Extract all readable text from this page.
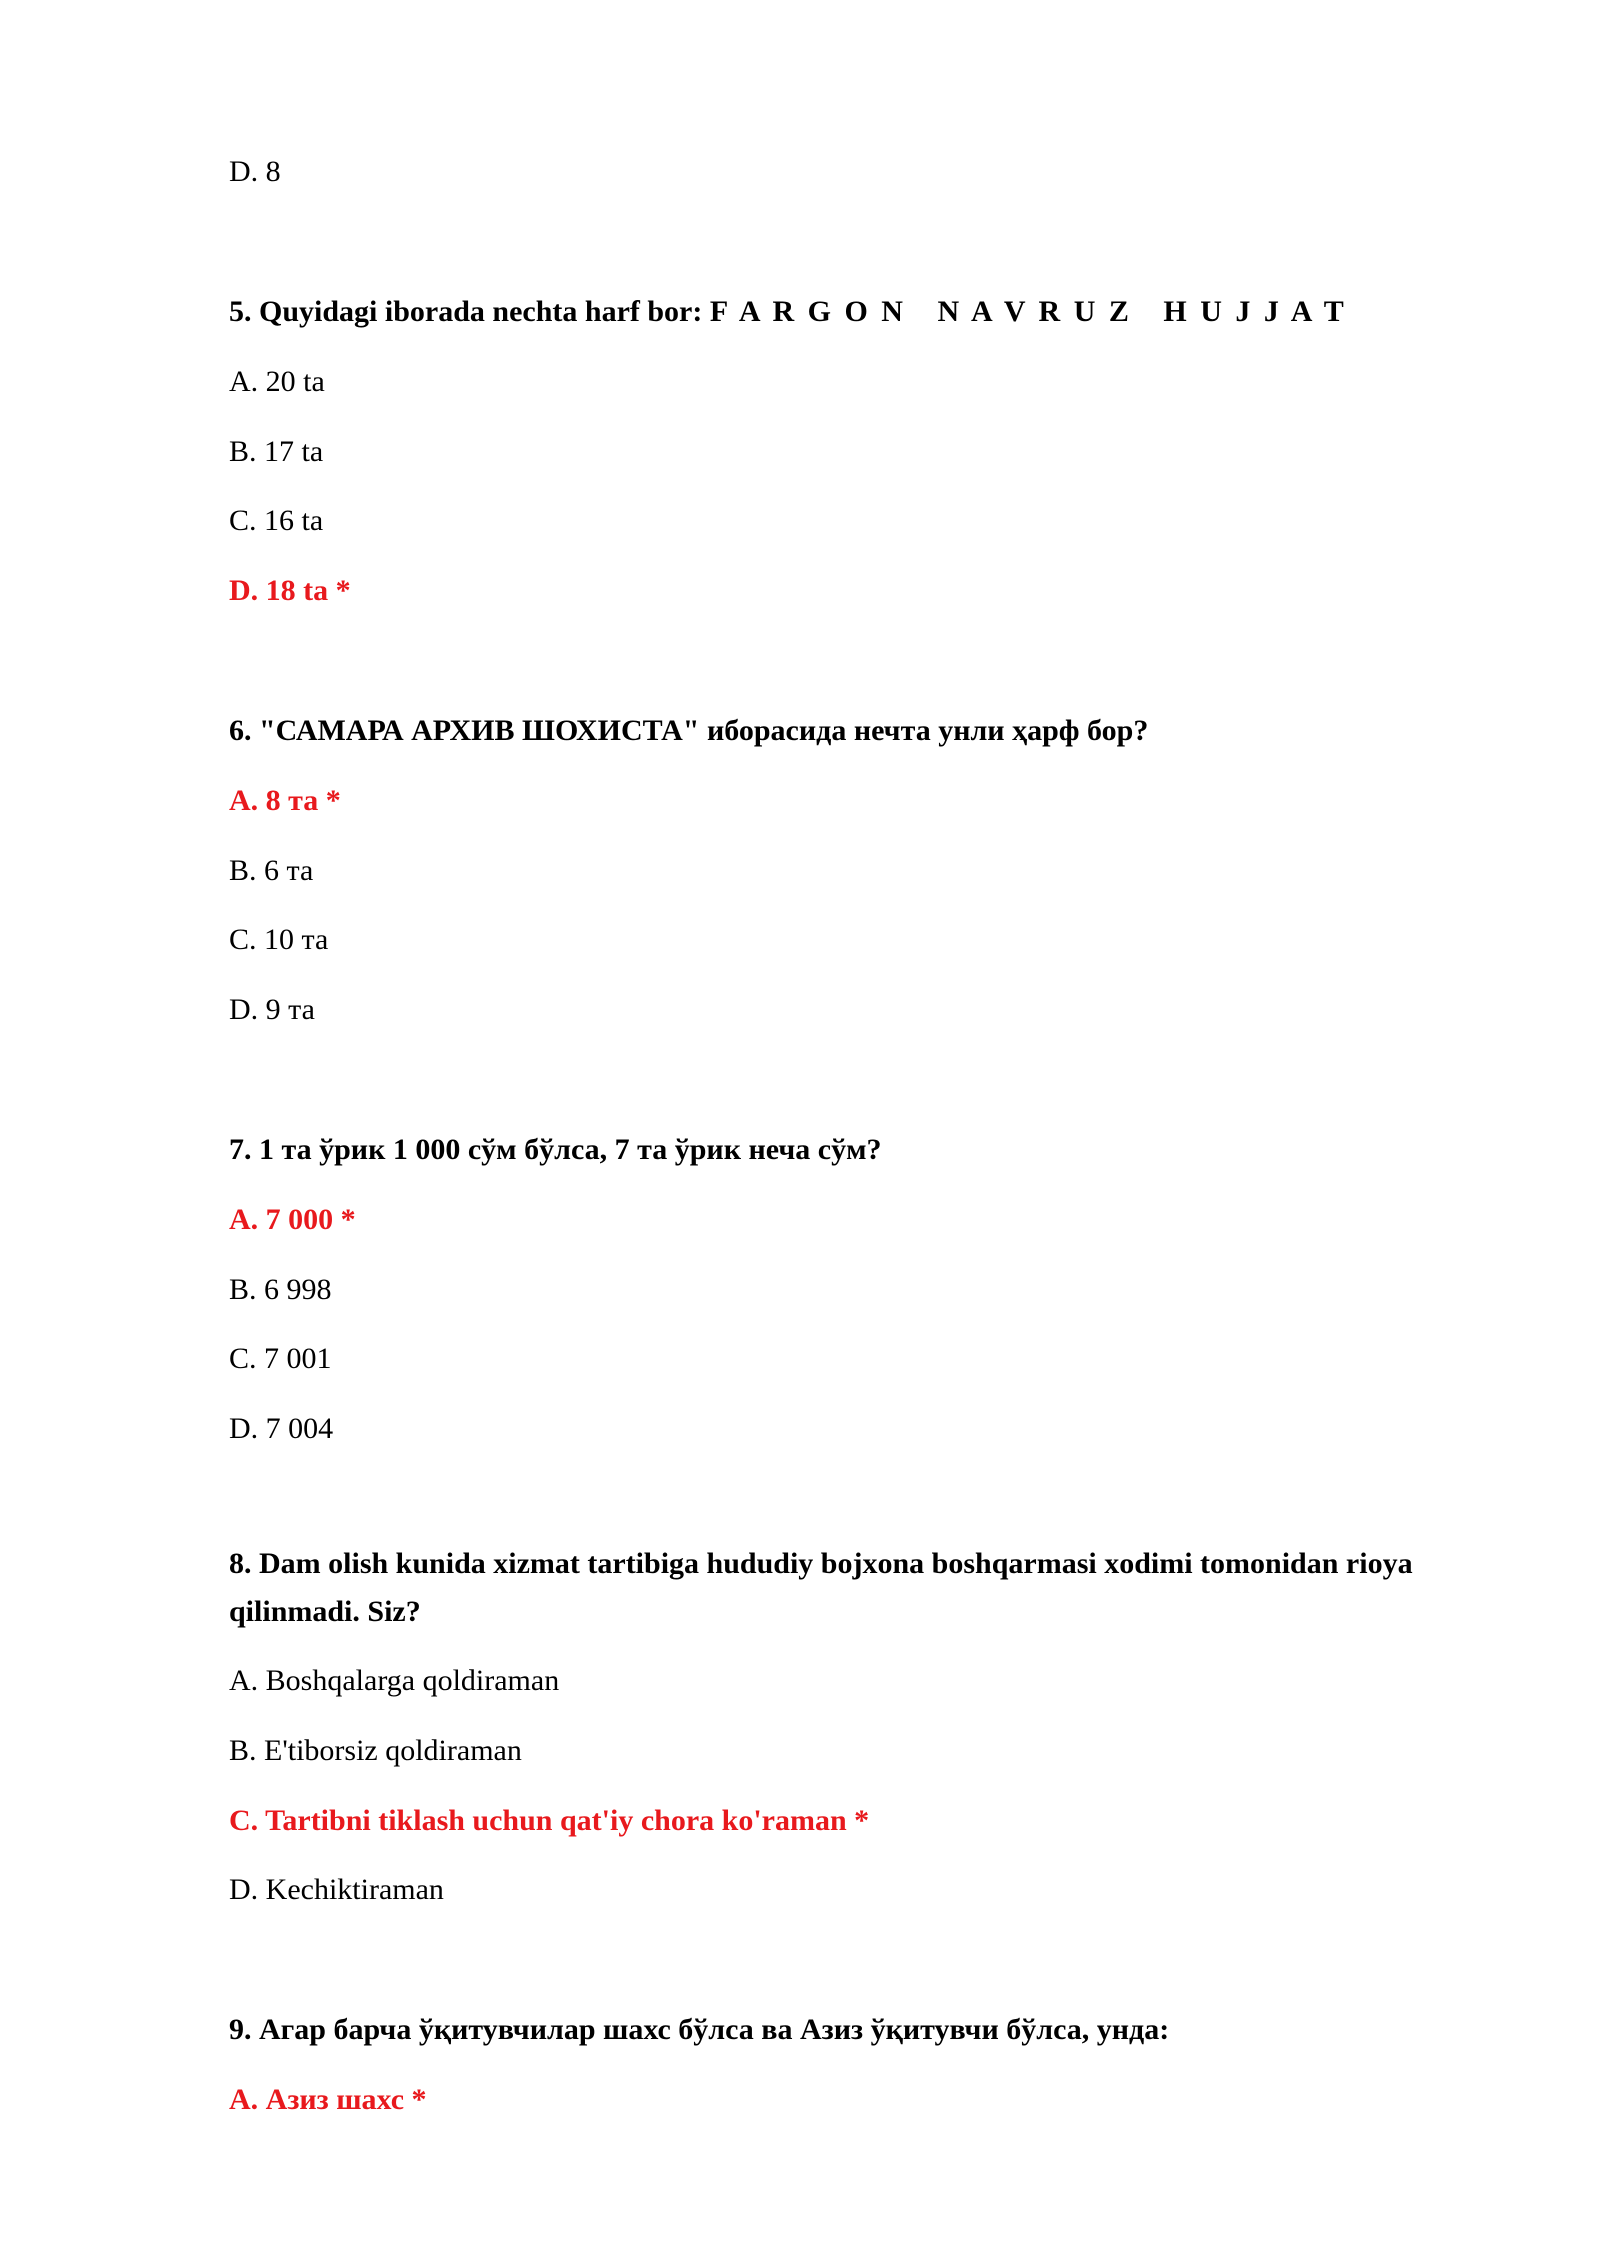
D. 8
5. Quyidagi iborada nechta harf bor: F A R G O N   N A V R U Z   H U J J A T
A. 20 ta
B. 17 ta
C. 16 ta
D. 18 ta *
6. "САМАРА АРХИВ ШОХИСТА" иборасида нечта унли ҳарф бор?
A. 8 та *
B. 6 та
C. 10 та
D. 9 та
7. 1 та ўрик 1 000 сўм бўлса, 7 та ўрик неча сўм?
A. 7 000 *
B. 6 998
C. 7 001
D. 7 004
8. Dam olish kunida xizmat tartibiga hududiy bojxona boshqarmasi xodimi tomonidan rioya qilinmadi. Siz?
A. Boshqalarga qoldiraman
B. E'tiborsiz qoldiraman
C. Tartibni tiklash uchun qat'iy chora ko'raman *
D. Kechiktiraman
9. Агар барча ўқитувчилар шахс бўлса ва Азиз ўқитувчи бўлса, унда:
A. Азиз шахс *
